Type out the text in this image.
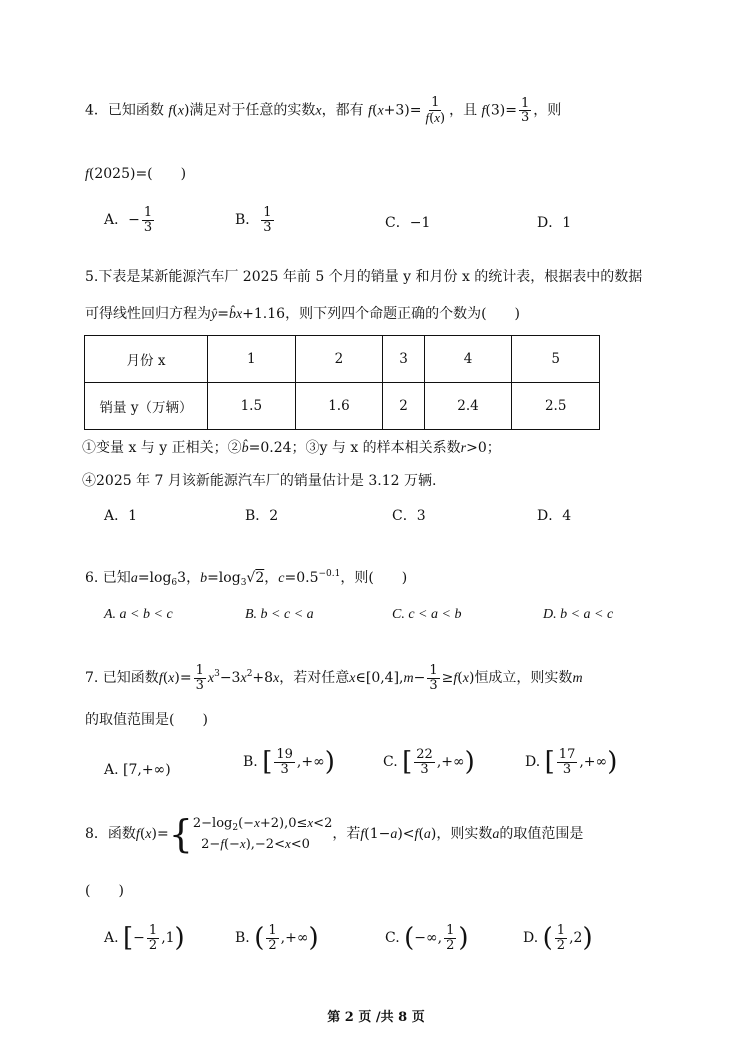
4．已知函数 f(x)满足对于任意的实数x，都有 $f(x+3)= \frac{1}{f(x)}$ ，且 $f(3)= \frac{1}{3}$ ，则
f(2025)=(　　)
A．− $\frac{1}{3}$	B． $\frac{1}{3}$	C．−1	D．1
5.下表是某新能源汽车厂 2025 年前 5 个月的销量 y 和月份 x 的统计表，根据表中的数据
可得线性回归方程为ŷ=b̂x+1.16，则下列四个命题正确的个数为(　　)
月份 x	1	2	3	4	5
销量 y（万辆）	1.5	1.6	2	2.4	2.5
①变量 x 与 y 正相关；②b̂=0.24；③y 与 x 的样本相关系数r>0；
④2025 年 7 月该新能源汽车厂的销量估计是 3.12 万辆.
A．1	B．2	C．3	D．4
6. 已知$a=\log_63$，$b=\log_3√2$，$c=0.5^{-0.1}$，则(　　)
A. a < b < c	B. b < c < a	C. c < a < b	D. b < a < c
7. 已知函数$f(x)= \frac{1}{3} x^3-3x^2+8x$，若对任意x∈[0,4],m− $\frac{1}{3} \ge f(x)$恒成立，则实数m
的取值范围是(　　)
A. [7,+∞)	B. [ $\frac{19}{3}$ ,+∞)	C. [ $\frac{22}{3}$ ,+∞)	D. [ $\frac{17}{3}$ ,+∞)
8．函数f(x)={ $2-\log_2(-x+2),0\le x<2$
2−f(−x),−2<x<0
，若f(1−a)<f(a)，则实数a的取值范围是
(　　)
A. [− $\frac{1}{2} ,1$)	B. ( $\frac{1}{2}$ ,+∞)	C. (−∞, $\frac{1}{2}$ )	D. ( $\frac{1}{2} ,2$)
第 2 页 /共 8 页
